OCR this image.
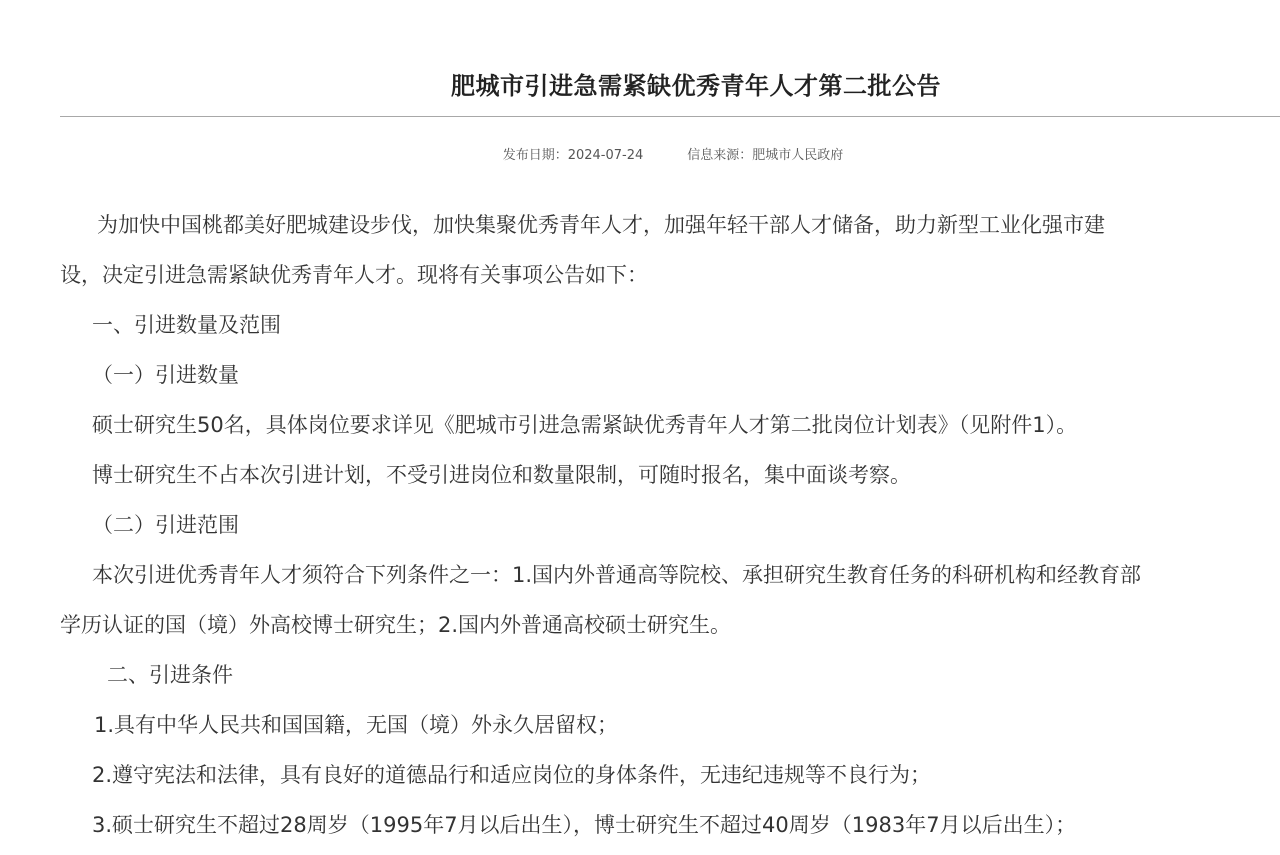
肥城市引进急需紧缺优秀青年人才第二批公告
发布日期：2024-07-24	信息来源：肥城市人民政府

为加快中国桃都美好肥城建设步伐，加快集聚优秀青年人才，加强年轻干部人才储备，助力新型工业化强市建

设，决定引进急需紧缺优秀青年人才。现将有关事项公告如下：

一、引进数量及范围

（一）引进数量

硕士研究生50名，具体岗位要求详见《肥城市引进急需紧缺优秀青年人才第二批岗位计划表》（见附件1）。

博士研究生不占本次引进计划，不受引进岗位和数量限制，可随时报名，集中面谈考察。

（二）引进范围

本次引进优秀青年人才须符合下列条件之一：1.国内外普通高等院校、承担研究生教育任务的科研机构和经教育部

学历认证的国（境）外高校博士研究生；2.国内外普通高校硕士研究生。

二、引进条件

1.具有中华人民共和国国籍，无国（境）外永久居留权；

2.遵守宪法和法律，具有良好的道德品行和适应岗位的身体条件，无违纪违规等不良行为；

3.硕士研究生不超过28周岁（1995年7月以后出生），博士研究生不超过40周岁（1983年7月以后出生）；
